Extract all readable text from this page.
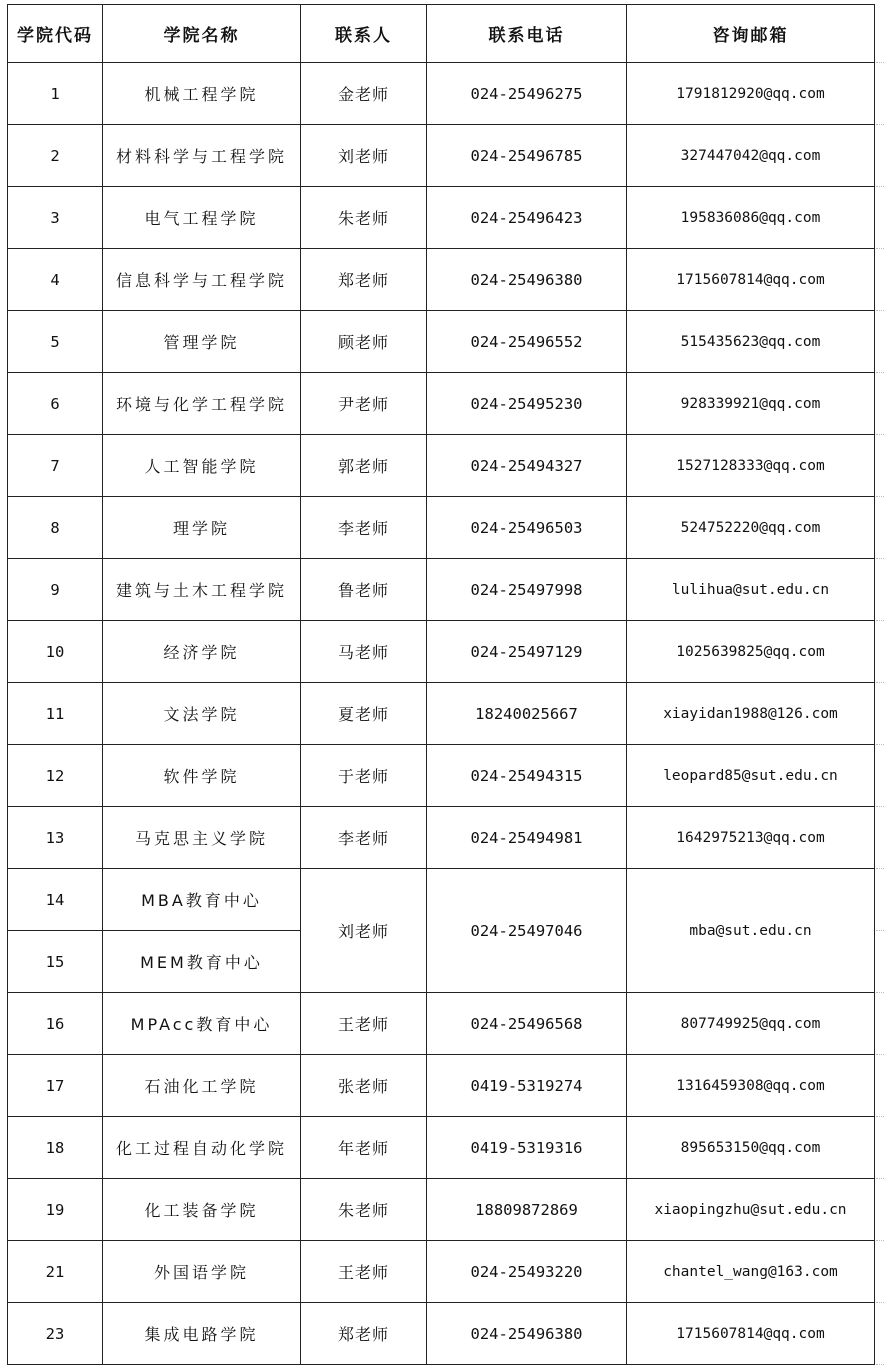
学院代码	学院名称	联系人	联系电话	咨询邮箱
1	机械工程学院	金老师	024-25496275	1791812920@qq.com
2	材料科学与工程学院	刘老师	024-25496785	327447042@qq.com
3	电气工程学院	朱老师	024-25496423	195836086@qq.com
4	信息科学与工程学院	郑老师	024-25496380	1715607814@qq.com
5	管理学院	顾老师	024-25496552	515435623@qq.com
6	环境与化学工程学院	尹老师	024-25495230	928339921@qq.com
7	人工智能学院	郭老师	024-25494327	1527128333@qq.com
8	理学院	李老师	024-25496503	524752220@qq.com
9	建筑与土木工程学院	鲁老师	024-25497998	lulihua@sut.edu.cn
10	经济学院	马老师	024-25497129	1025639825@qq.com
11	文法学院	夏老师	18240025667	xiayidan1988@126.com
12	软件学院	于老师	024-25494315	leopard85@sut.edu.cn
13	马克思主义学院	李老师	024-25494981	1642975213@qq.com
14	MBA教育中心	刘老师	024-25497046	mba@sut.edu.cn
15	MEM教育中心			
16	MPAcc教育中心	王老师	024-25496568	807749925@qq.com
17	石油化工学院	张老师	0419-5319274	1316459308@qq.com
18	化工过程自动化学院	年老师	0419-5319316	895653150@qq.com
19	化工装备学院	朱老师	18809872869	xiaopingzhu@sut.edu.cn
21	外国语学院	王老师	024-25493220	chantel_wang@163.com
23	集成电路学院	郑老师	024-25496380	1715607814@qq.com
